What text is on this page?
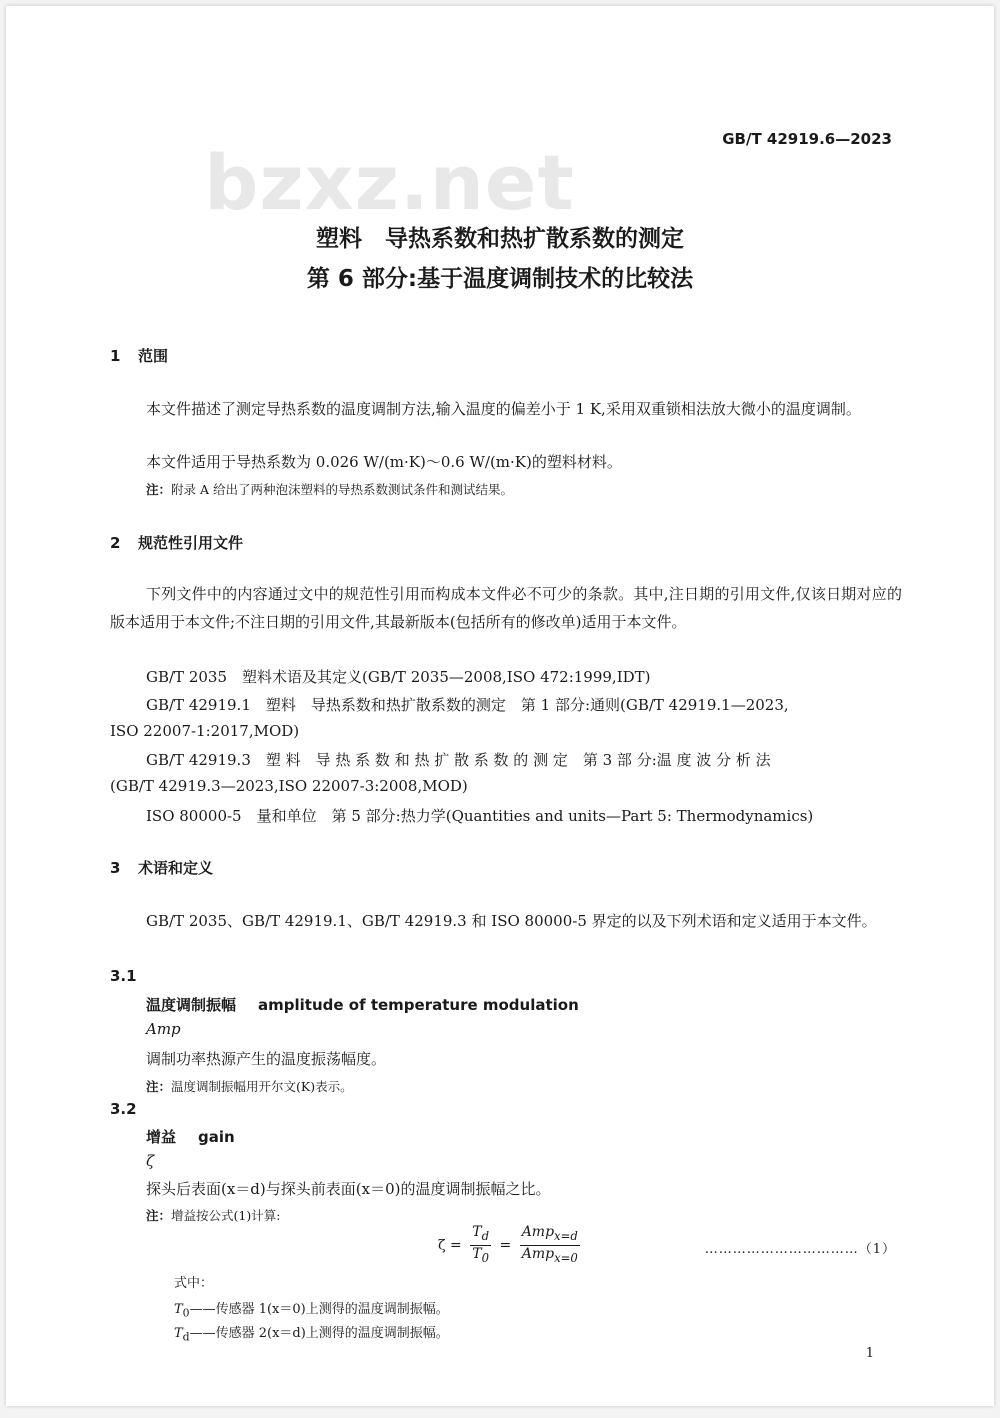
bzxz.net	GB/T 42919.6—2023
塑料　导热系数和热扩散系数的测定
第 6 部分:基于温度调制技术的比较法
1 范围
本文件描述了测定导热系数的温度调制方法,输入温度的偏差小于 1 K,采用双重锁相法放大微小的温度调制。
本文件适用于导热系数为 0.026 W/(m·K)～0.6 W/(m·K)的塑料材料。
注：附录 A 给出了两种泡沫塑料的导热系数测试条件和测试结果。
2 规范性引用文件
下列文件中的内容通过文中的规范性引用而构成本文件必不可少的条款。其中,注日期的引用文件,仅该日期对应的版本适用于本文件;不注日期的引用文件,其最新版本(包括所有的修改单)适用于本文件。
GB/T 2035　塑料术语及其定义(GB/T 2035—2008,ISO 472:1999,IDT)
GB/T 42919.1　塑料　导热系数和热扩散系数的测定　第 1 部分:通则(GB/T 42919.1—2023,
ISO 22007-1:2017,MOD)
GB/T 42919.3　塑 料　导 热 系 数 和 热 扩 散 系 数 的 测 定　第 3 部 分:温 度 波 分 析 法
(GB/T 42919.3—2023,ISO 22007-3:2008,MOD)
ISO 80000-5　量和单位　第 5 部分:热力学(Quantities and units—Part 5: Thermodynamics)
3 术语和定义
GB/T 2035、GB/T 42919.1、GB/T 42919.3 和 ISO 80000-5 界定的以及下列术语和定义适用于本文件。
3.1
温度调制振幅 amplitude of temperature modulation
Amp
调制功率热源产生的温度振荡幅度。
注：温度调制振幅用开尔文(K)表示。
3.2
增益 gain
ζ
探头后表面(x＝d)与探头前表面(x＝0)的温度调制振幅之比。
注：增益按公式(1)计算:
$\zeta = \frac{T_d}{T_0} = \frac{Amp_{x=d}}{Amp_{x=0}}$	……………………………（1）
式中：
$T_0——$传感器 1(x＝0)上测得的温度调制振幅。
$T_d——$传感器 2(x＝d)上测得的温度调制振幅。
1
